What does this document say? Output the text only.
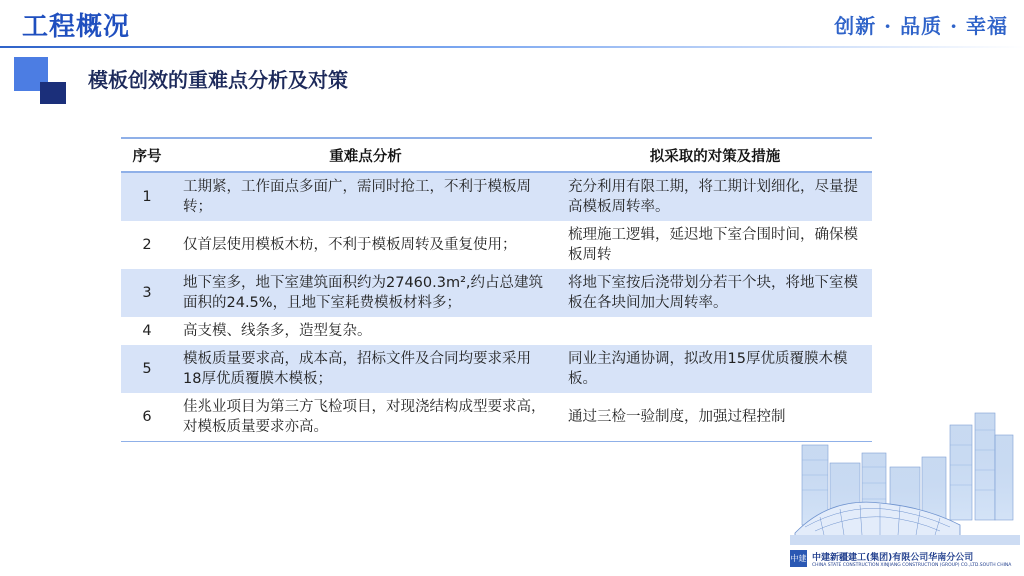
工程概况	创新 · 品质 · 幸福
模板创效的重难点分析及对策
序号	重难点分析	拟采取的对策及措施
1	工期紧，工作面点多面广，需同时抢工，不利于模板周转；	充分利用有限工期，将工期计划细化，尽量提高模板周转率。
2	仅首层使用模板木枋，不利于模板周转及重复使用；	梳理施工逻辑，延迟地下室合围时间，确保模板周转
3	地下室多，地下室建筑面积约为27460.3m²,约占总建筑面积的24.5%，且地下室耗费模板材料多；	将地下室按后浇带划分若干个块，将地下室模板在各块间加大周转率。
4	高支模、线条多，造型复杂。	
5	模板质量要求高，成本高，招标文件及合同均要求采用18厚优质覆膜木模板；	同业主沟通协调，拟改用15厚优质覆膜木模板。
6	佳兆业项目为第三方飞检项目，对现浇结构成型要求高，对模板质量要求亦高。	通过三检一验制度，加强过程控制
中建 中建新疆建工(集团)有限公司华南分公司
CHINA STATE CONSTRUCTION XINJIANG CONSTRUCTION (GROUP) CO.,LTD.SOUTH CHINA
